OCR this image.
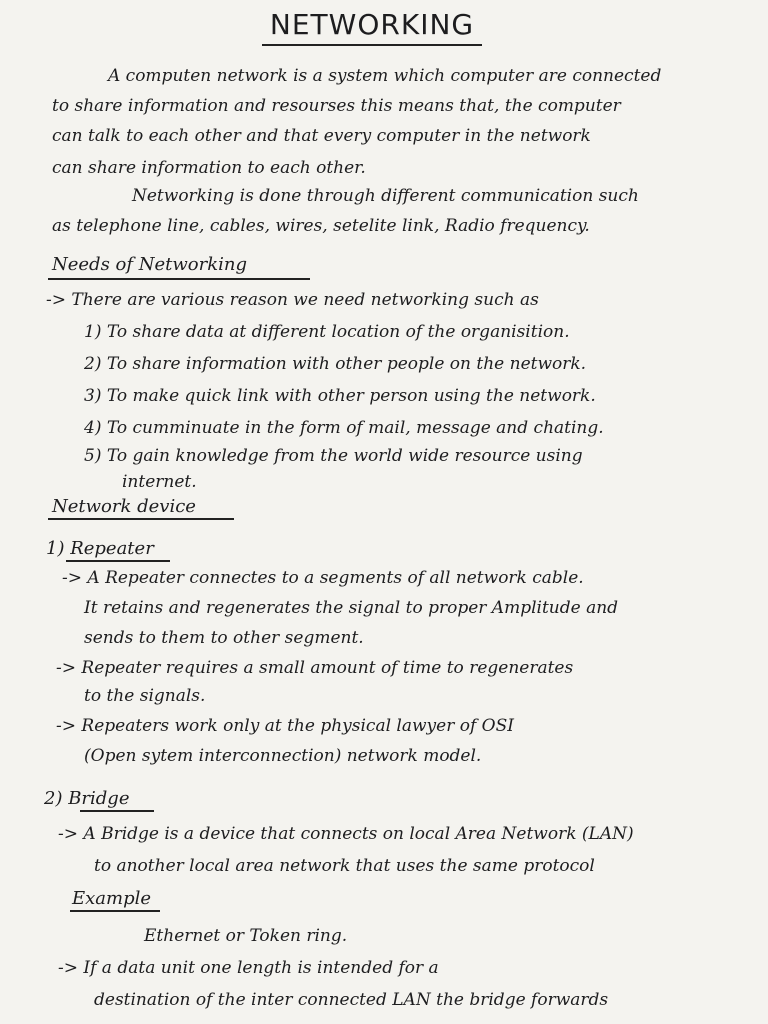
NETWORKING
A computen network is a system which computer are connected
to share information and resourses this means that, the computer
can talk to each other and that every computer in the network
can share information to each other.
Networking is done through different communication such
as telephone line, cables, wires, setelite link, Radio frequency.
Needs of Networking
-> There are various reason we need networking such as
1) To share data at different location of the organisition.
2) To share information with other people on the network.
3) To make quick link with other person using the network.
4) To cumminuate in the form of mail, message and chating.
5) To gain knowledge from the world wide resource using
internet.
Network device
1) Repeater
-> A Repeater connectes to a segments of all network cable.
It retains and regenerates the signal to proper Amplitude and
sends to them to other segment.
-> Repeater requires a small amount of time to regenerates
to the signals.
-> Repeaters work only at the physical lawyer of OSI
(Open sytem interconnection) network model.
2) Bridge
-> A Bridge is a device that connects on local Area Network (LAN)
to another local area network that uses the same protocol
Example
Ethernet or Token ring.
-> If a data unit one length is intended for a
destination of the inter connected LAN the bridge forwards
